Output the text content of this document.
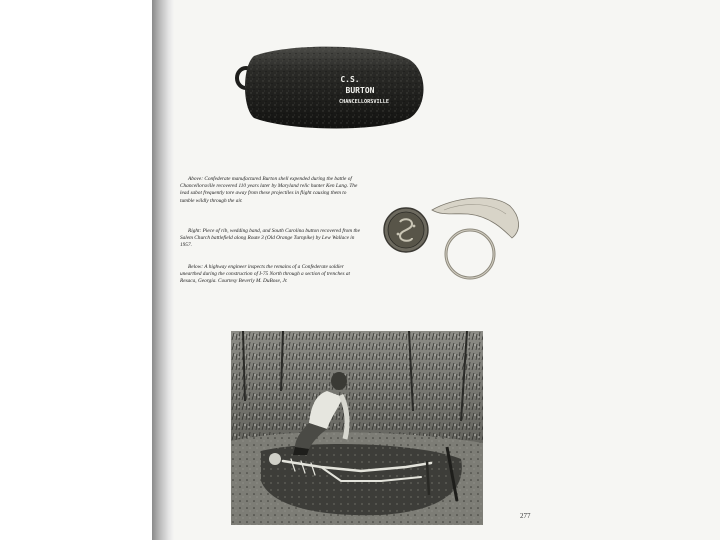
C.S.
BURTON
CHANCELLORSVILLE

Above: Confederate manufactured Burton shell expended during the battle of Chancellorsville recovered 110 years later by Maryland relic hunter Ken Lang. The lead sabot frequently tore away from these projectiles in flight causing them to tumble wildly through the air.

Right: Piece of rib, wedding band, and South Carolina button recovered from the Salem Church battlefield along Route 3 (Old Orange Turnpike) by Lew Wallace in 1957.

Below: A highway engineer inspects the remains of a Confederate soldier unearthed during the construction of I-75 North through a section of trenches at Resaca, Georgia. Courtesy Beverly M. DuBose, Jr.

277
